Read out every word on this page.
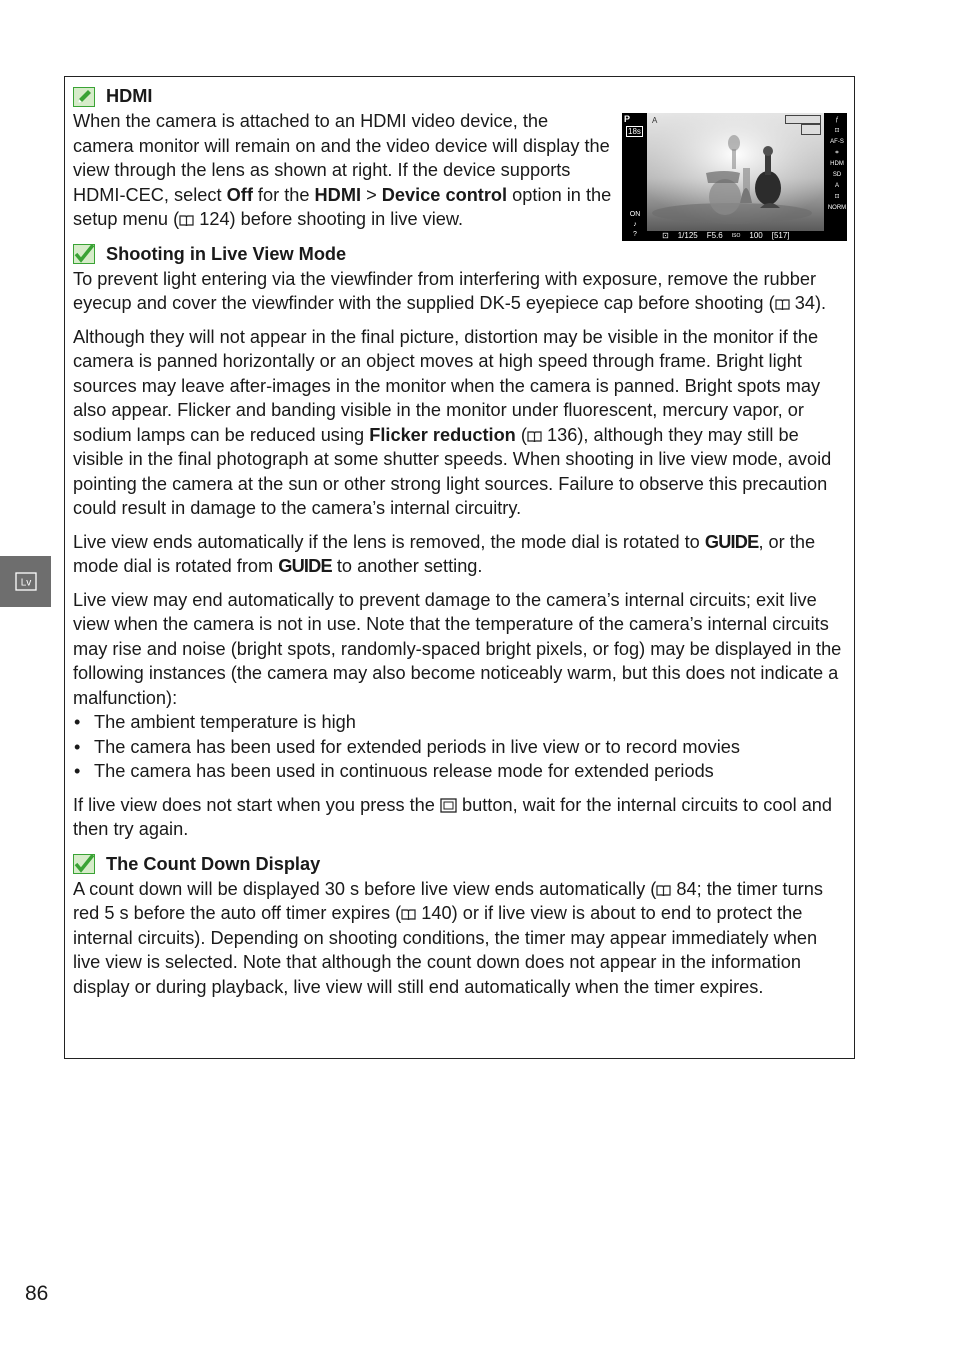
HDMI

When the camera is attached to an HDMI video device, the camera monitor will remain on and the video device will display the view through the lens as shown at right. If the device supports HDMI-CEC, select Off for the HDMI > Device control option in the setup menu ( 124) before shooting in live view.

P
18s
A	ƒ
⊡
AF-S
⌗
HDM
SD
A
⊡
NORM
ON
♪
?	⊡ 1/125 F5.6 ISO 100 [517]
Shooting in Live View Mode

To prevent light entering via the viewfinder from interfering with exposure, remove the rubber eyecup and cover the viewfinder with the supplied DK-5 eyepiece cap before shooting ( 34).

Although they will not appear in the final picture, distortion may be visible in the monitor if the camera is panned horizontally or an object moves at high speed through frame. Bright light sources may leave after-images in the monitor when the camera is panned. Bright spots may also appear. Flicker and banding visible in the monitor under fluorescent, mercury vapor, or sodium lamps can be reduced using Flicker reduction ( 136), although they may still be visible in the final photograph at some shutter speeds. When shooting in live view mode, avoid pointing the camera at the sun or other strong light sources. Failure to observe this precaution could result in damage to the camera’s internal circuitry.

Live view ends automatically if the lens is removed, the mode dial is rotated to GUIDE, or the mode dial is rotated from GUIDE to another setting.

Live view may end automatically to prevent damage to the camera’s internal circuits; exit live view when the camera is not in use. Note that the temperature of the camera’s internal circuits may rise and noise (bright spots, randomly-spaced bright pixels, or fog) may be displayed in the following instances (the camera may also become noticeably warm, but this does not indicate a malfunction):

• The ambient temperature is high
• The camera has been used for extended periods in live view or to record movies
• The camera has been used in continuous release mode for extended periods

If live view does not start when you press the  button, wait for the internal circuits to cool and then try again.

The Count Down Display

A count down will be displayed 30 s before live view ends automatically ( 84; the timer turns red 5 s before the auto off timer expires ( 140) or if live view is about to end to protect the internal circuits). Depending on shooting conditions, the timer may appear immediately when live view is selected. Note that although the count down does not appear in the information display or during playback, live view will still end automatically when the timer expires.

Lv
86
